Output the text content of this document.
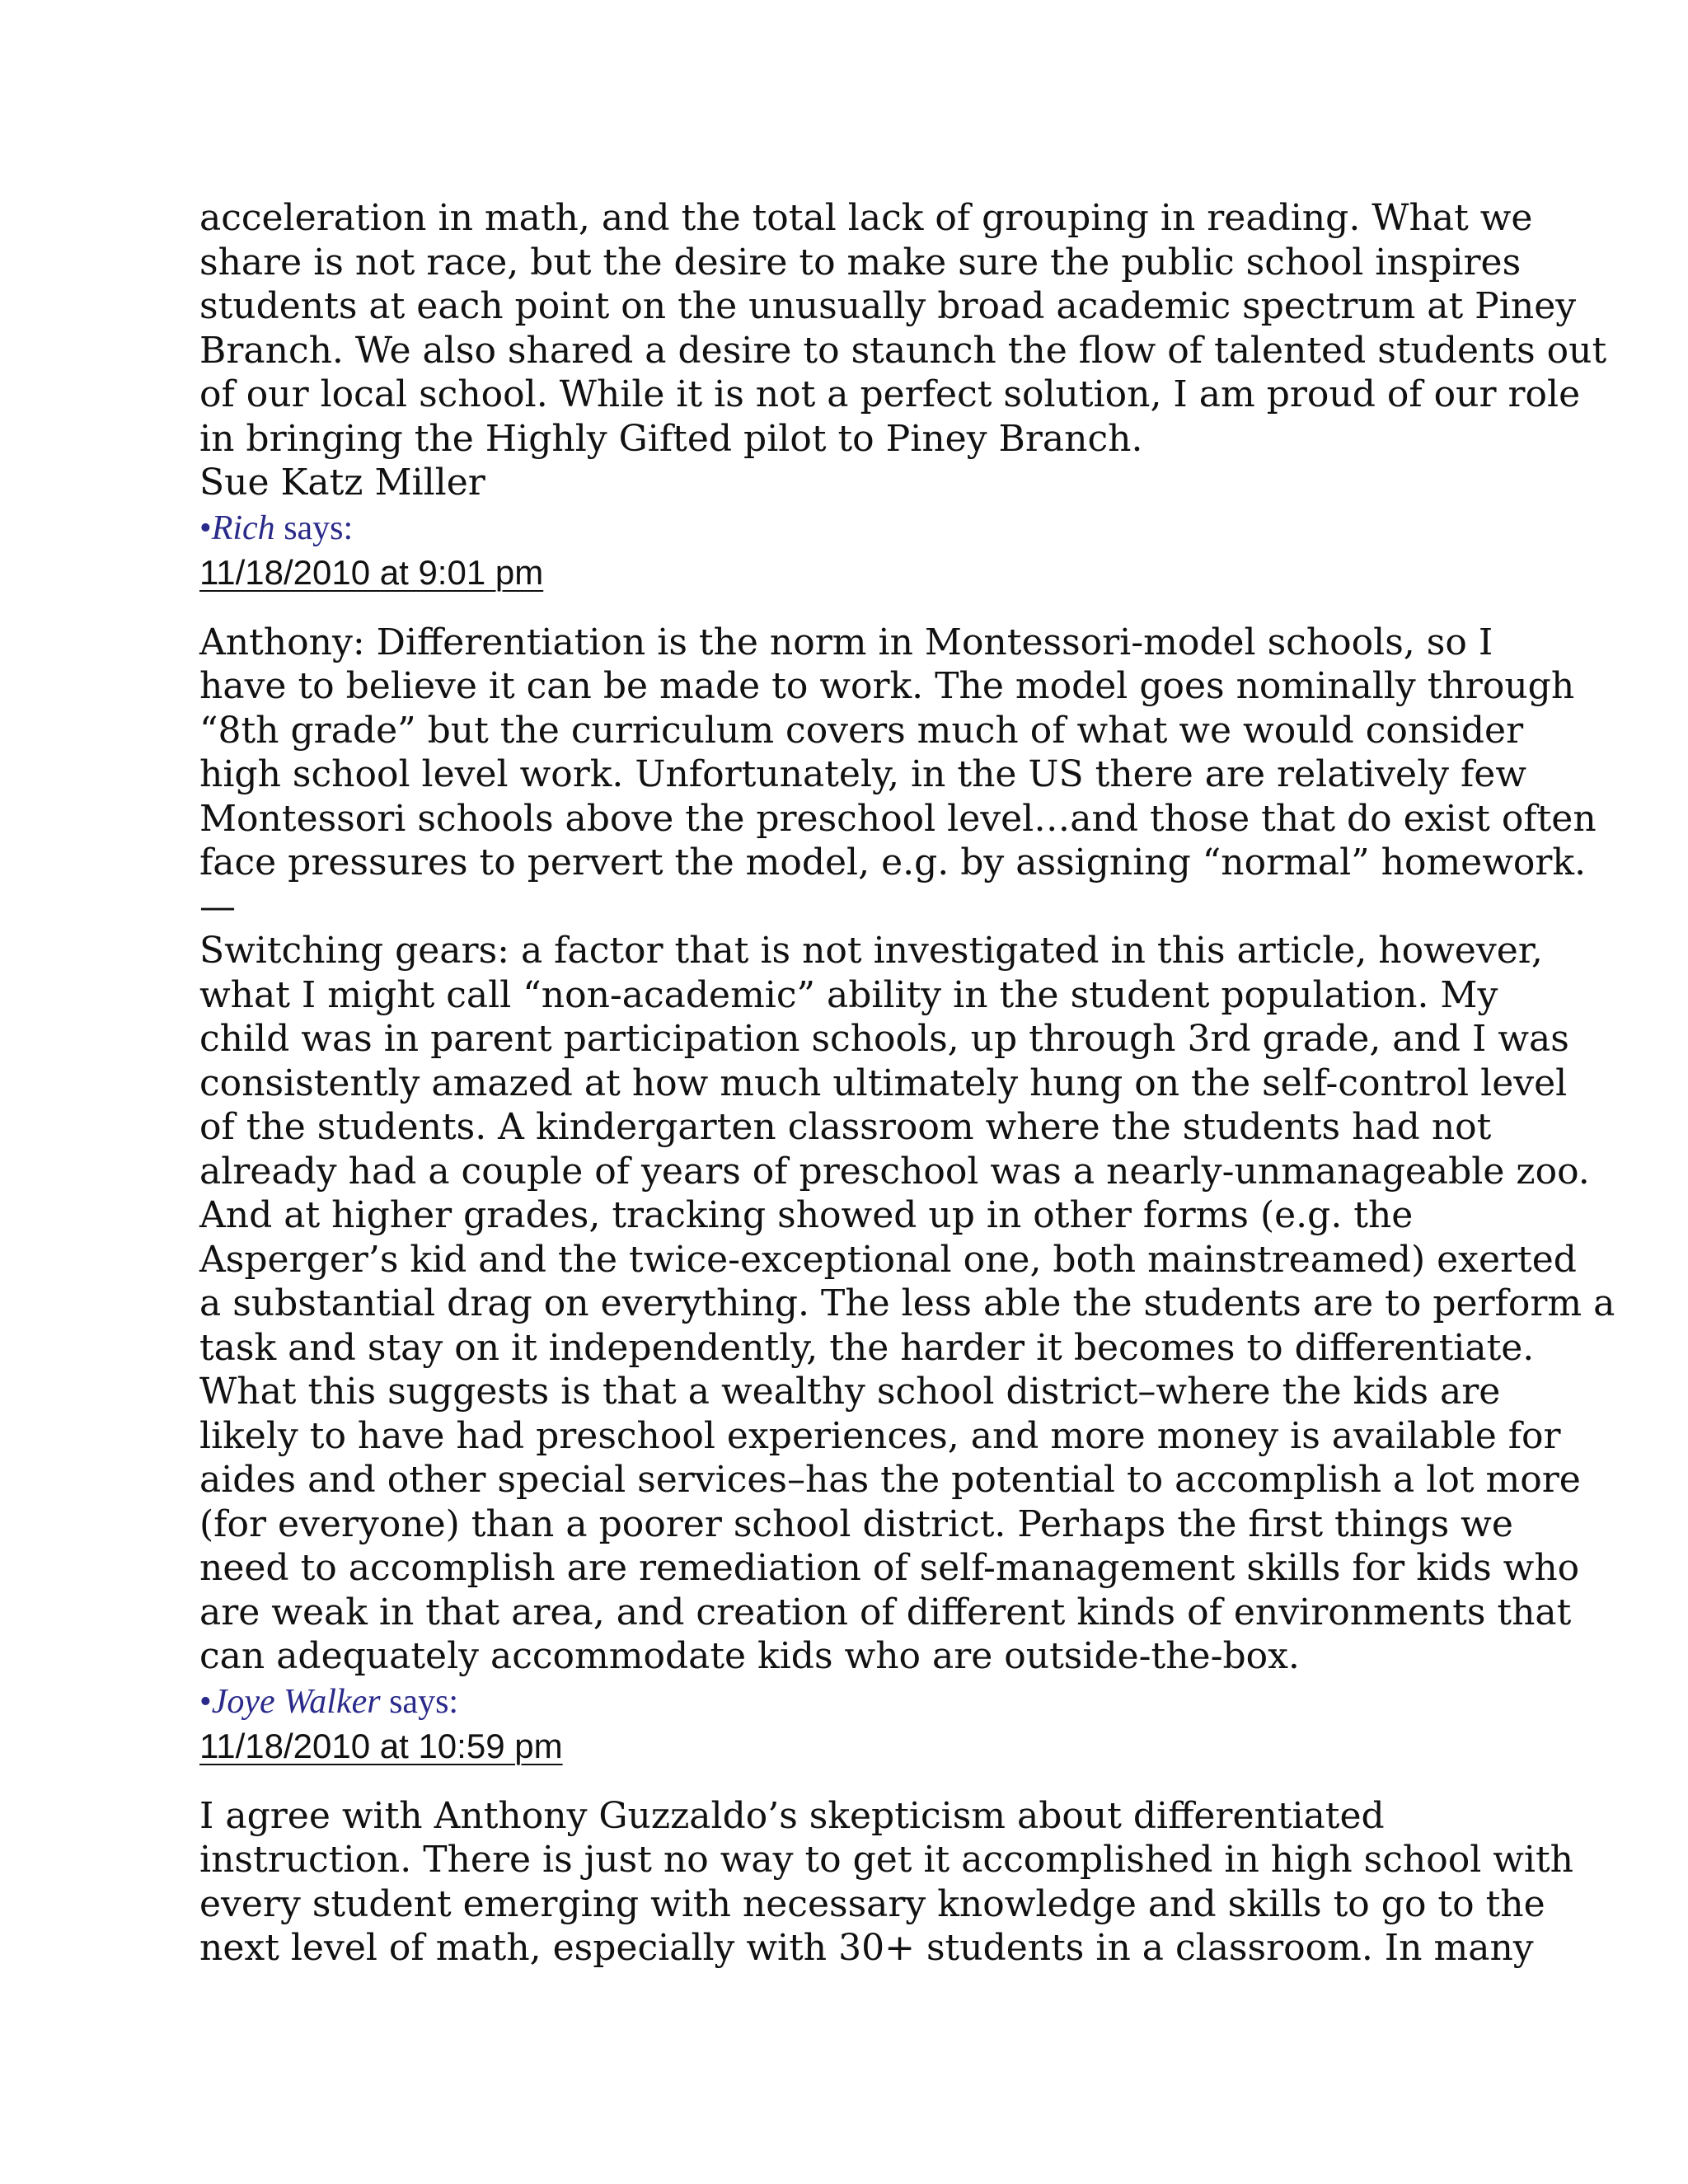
acceleration in math, and the total lack of grouping in reading. What we
share is not race, but the desire to make sure the public school inspires
students at each point on the unusually broad academic spectrum at Piney
Branch. We also shared a desire to staunch the flow of talented students out
of our local school. While it is not a perfect solution, I am proud of our role
in bringing the Highly Gifted pilot to Piney Branch.
Sue Katz Miller
•Rich says:
11/18/2010 at 9:01 pm
Anthony: Differentiation is the norm in Montessori-model schools, so I
have to believe it can be made to work. The model goes nominally through
“8th grade” but the curriculum covers much of what we would consider
high school level work. Unfortunately, in the US there are relatively few
Montessori schools above the preschool level…and those that do exist often
face pressures to pervert the model, e.g. by assigning “normal” homework.
—
Switching gears: a factor that is not investigated in this article, however,
what I might call “non-academic” ability in the student population. My
child was in parent participation schools, up through 3rd grade, and I was
consistently amazed at how much ultimately hung on the self-control level
of the students. A kindergarten classroom where the students had not
already had a couple of years of preschool was a nearly-unmanageable zoo.
And at higher grades, tracking showed up in other forms (e.g. the
Asperger’s kid and the twice-exceptional one, both mainstreamed) exerted
a substantial drag on everything. The less able the students are to perform a
task and stay on it independently, the harder it becomes to differentiate.
What this suggests is that a wealthy school district–where the kids are
likely to have had preschool experiences, and more money is available for
aides and other special services–has the potential to accomplish a lot more
(for everyone) than a poorer school district. Perhaps the first things we
need to accomplish are remediation of self-management skills for kids who
are weak in that area, and creation of different kinds of environments that
can adequately accommodate kids who are outside-the-box.
•Joye Walker says:
11/18/2010 at 10:59 pm
I agree with Anthony Guzzaldo’s skepticism about differentiated
instruction. There is just no way to get it accomplished in high school with
every student emerging with necessary knowledge and skills to go to the
next level of math, especially with 30+ students in a classroom. In many
